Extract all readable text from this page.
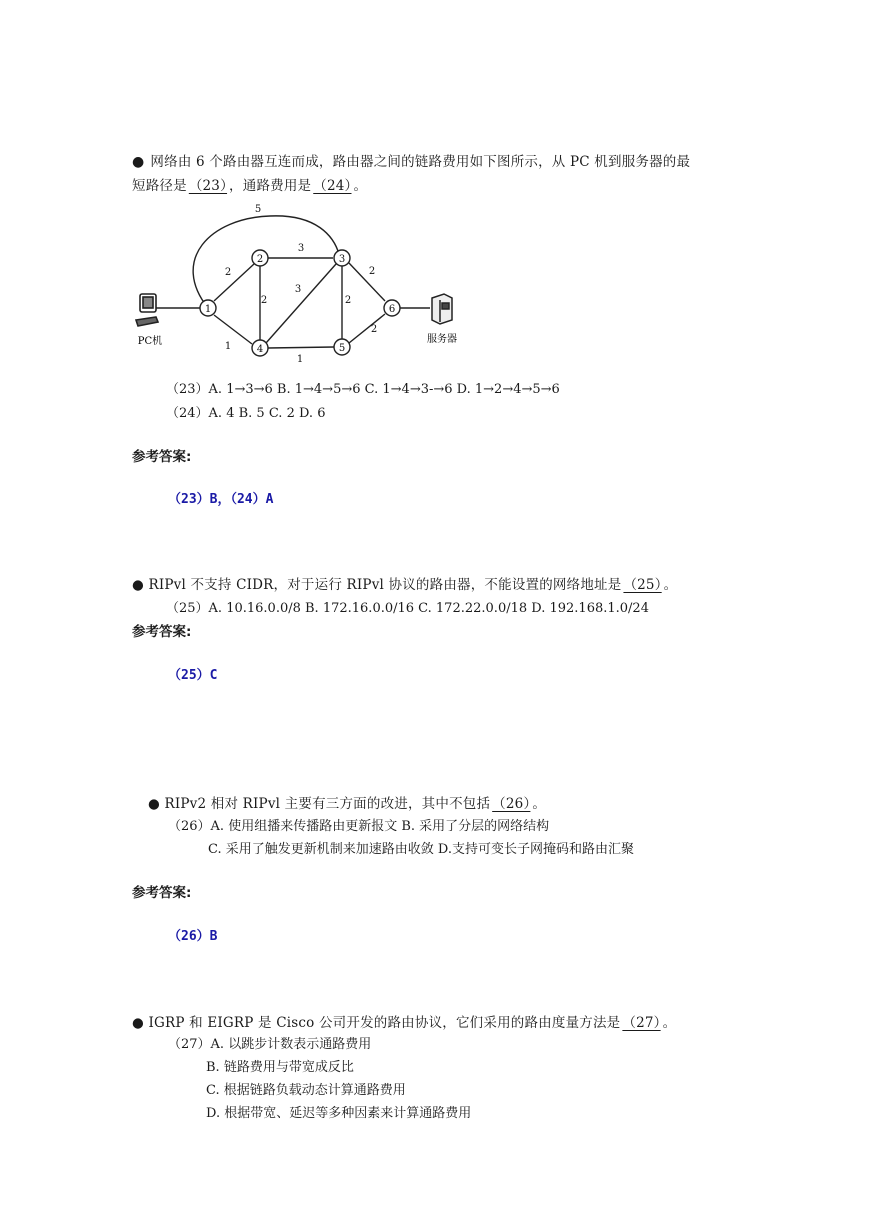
● 网络由 6 个路由器互连而成，路由器之间的链路费用如下图所示，从 PC 机到服务器的最
短路径是 （23） ，通路费用是 （24） 。
1
2	3
4	5
6
5
2
1
3
2
3
2
1
2
2
PC机	服务器
（23）A. 1→3→6 B. 1→4→5→6 C. 1→4→3-→6 D. 1→2→4→5→6
（24）A. 4 B. 5 C. 2 D. 6
参考答案:
（23）B，（24）A
● RIPvl 不支持 CIDR，对于运行 RIPvl 协议的路由器，不能设置的网络地址是 （25） 。
（25）A. 10.16.0.0/8 B. 172.16.0.0/16 C. 172.22.0.0/18 D. 192.168.1.0/24
参考答案:
（25）C
● RIPv2 相对 RIPvl 主要有三方面的改进，其中不包括 （26） 。
（26）A. 使用组播来传播路由更新报文 B. 采用了分层的网络结构
C. 采用了触发更新机制来加速路由收敛 D.支持可变长子网掩码和路由汇聚
参考答案:
（26）B
● IGRP 和 EIGRP 是 Cisco 公司开发的路由协议，它们采用的路由度量方法是 （27） 。
（27）A. 以跳步计数表示通路费用
B. 链路费用与带宽成反比
C. 根据链路负载动态计算通路费用
D. 根据带宽、延迟等多种因素来计算通路费用
